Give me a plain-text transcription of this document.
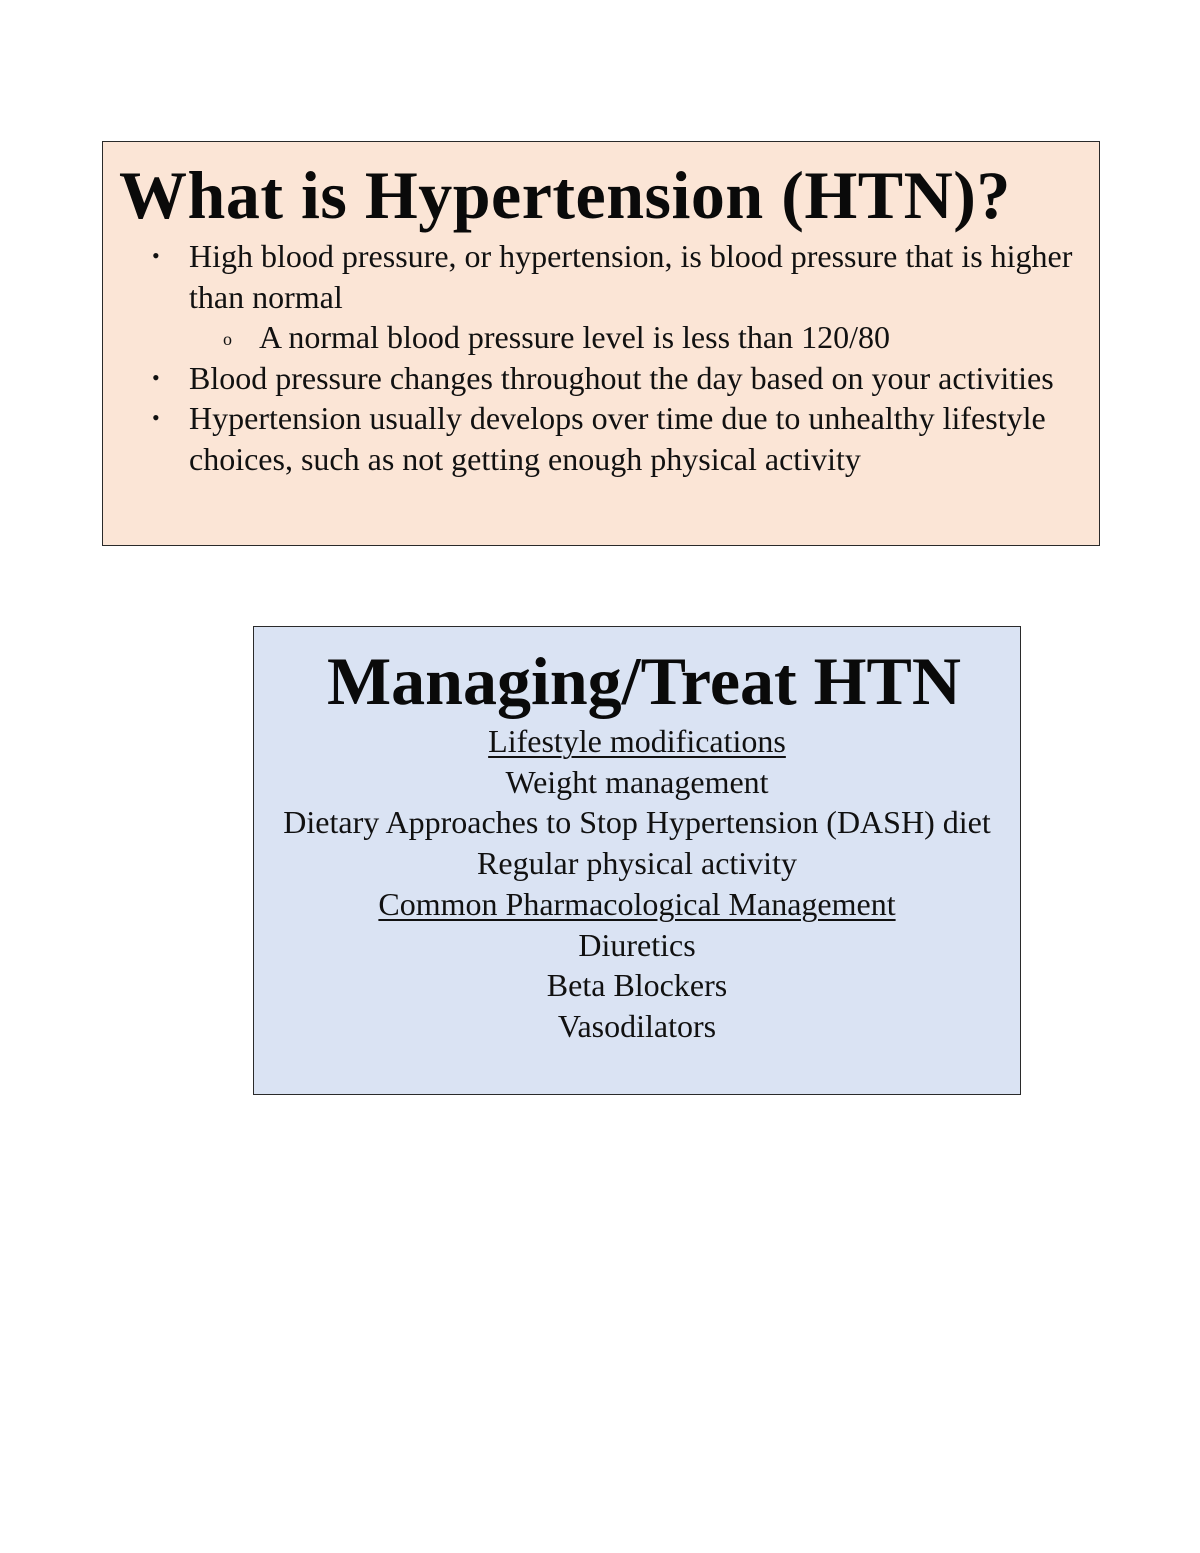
What is Hypertension (HTN)?
• High blood pressure, or hypertension, is blood pressure that is higher than normal
o A normal blood pressure level is less than 120/80
• Blood pressure changes throughout the day based on your activities
• Hypertension usually develops over time due to unhealthy lifestyle choices, such as not getting enough physical activity
Managing/Treat HTN
Lifestyle modifications
Weight management
Dietary Approaches to Stop Hypertension (DASH) diet
Regular physical activity
Common Pharmacological Management
Diuretics
Beta Blockers
Vasodilators
